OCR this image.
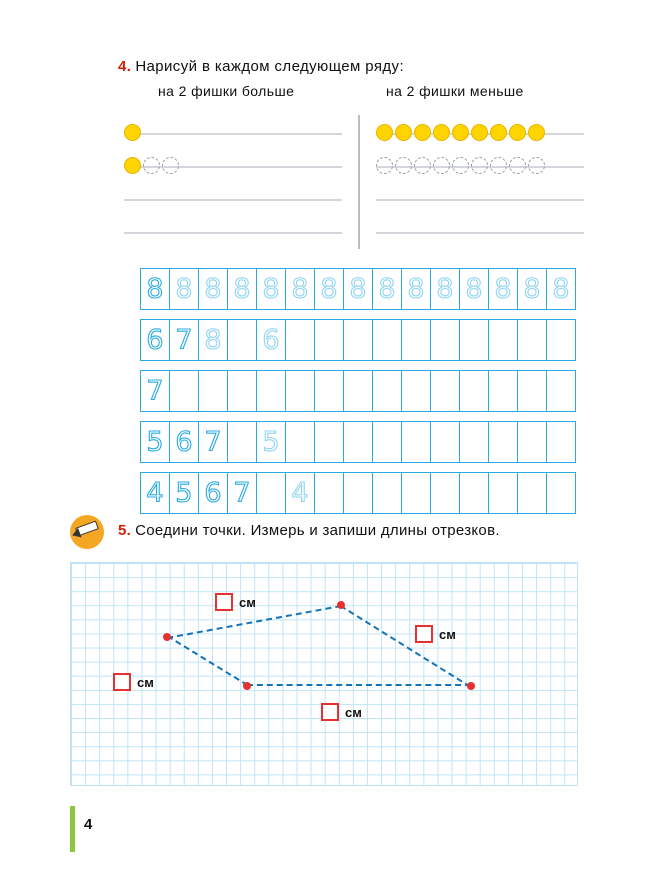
4. Нарисуй в каждом следующем ряду:
на 2 фишки больше	на 2 фишки меньше
8 8 8 8 8 8 8 8 8 8 8 8 8 8 8
6 7 8 6
7
5 6 7 5
4 5 6 7 4
5. Соедини точки. Измерь и запиши длины отрезков.
см
см
см
см
4
